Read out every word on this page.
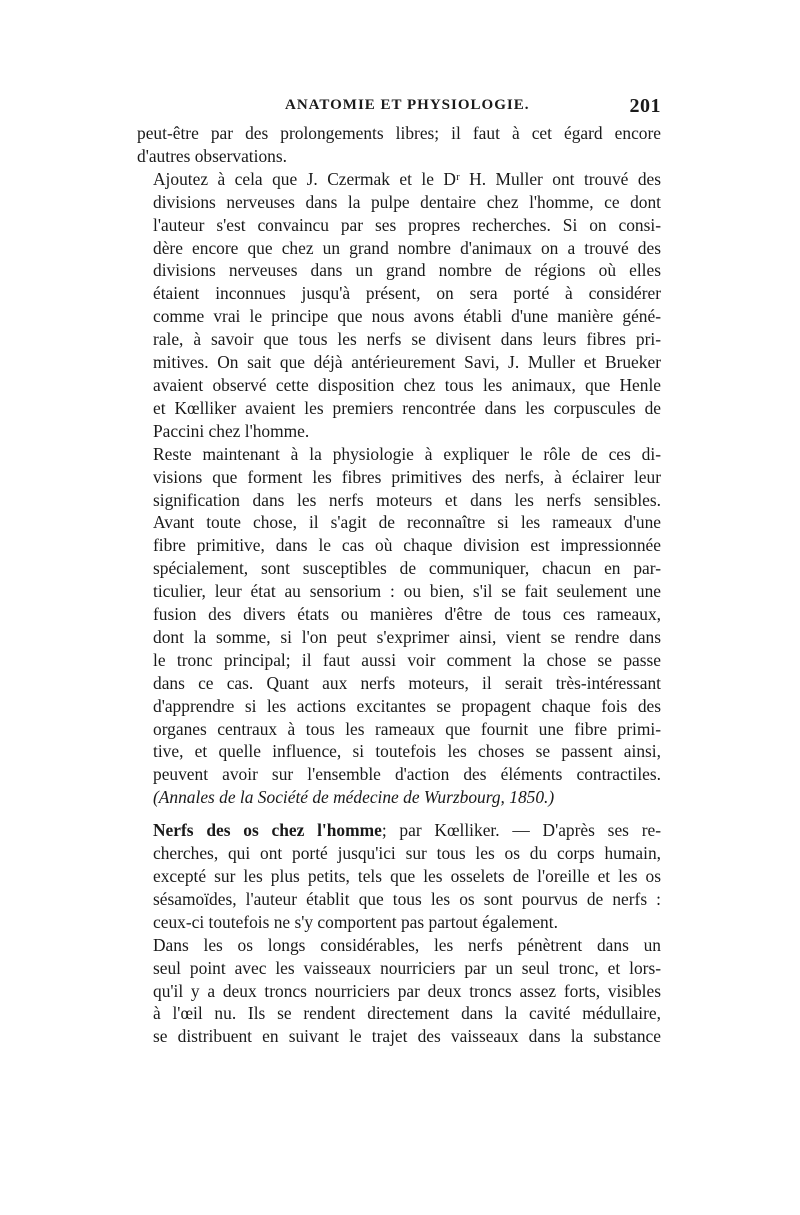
ANATOMIE ET PHYSIOLOGIE.	201

peut-être par des prolongements libres; il faut à cet égard encore
d'autres observations.

Ajoutez à cela que J. Czermak et le Dʳ H. Muller ont trouvé des
divisions nerveuses dans la pulpe dentaire chez l'homme, ce dont
l'auteur s'est convaincu par ses propres recherches. Si on consi-
dère encore que chez un grand nombre d'animaux on a trouvé des
divisions nerveuses dans un grand nombre de régions où elles
étaient inconnues jusqu'à présent, on sera porté à considérer
comme vrai le principe que nous avons établi d'une manière géné-
rale, à savoir que tous les nerfs se divisent dans leurs fibres pri-
mitives. On sait que déjà antérieurement Savi, J. Muller et Brueker
avaient observé cette disposition chez tous les animaux, que Henle
et Kœlliker avaient les premiers rencontrée dans les corpuscules de
Paccini chez l'homme.

Reste maintenant à la physiologie à expliquer le rôle de ces di-
visions que forment les fibres primitives des nerfs, à éclairer leur
signification dans les nerfs moteurs et dans les nerfs sensibles.
Avant toute chose, il s'agit de reconnaître si les rameaux d'une
fibre primitive, dans le cas où chaque division est impressionnée
spécialement, sont susceptibles de communiquer, chacun en par-
ticulier, leur état au sensorium : ou bien, s'il se fait seulement une
fusion des divers états ou manières d'être de tous ces rameaux,
dont la somme, si l'on peut s'exprimer ainsi, vient se rendre dans
le tronc principal; il faut aussi voir comment la chose se passe
dans ce cas. Quant aux nerfs moteurs, il serait très-intéressant
d'apprendre si les actions excitantes se propagent chaque fois des
organes centraux à tous les rameaux que fournit une fibre primi-
tive, et quelle influence, si toutefois les choses se passent ainsi,
peuvent avoir sur l'ensemble d'action des éléments contractiles.
(Annales de la Société de médecine de Wurzbourg, 1850.)

Nerfs des os chez l'homme; par Kœlliker. — D'après ses re-
cherches, qui ont porté jusqu'ici sur tous les os du corps humain,
excepté sur les plus petits, tels que les osselets de l'oreille et les os
sésamoïdes, l'auteur établit que tous les os sont pourvus de nerfs :
ceux-ci toutefois ne s'y comportent pas partout également.

Dans les os longs considérables, les nerfs pénètrent dans un
seul point avec les vaisseaux nourriciers par un seul tronc, et lors-
qu'il y a deux troncs nourriciers par deux troncs assez forts, visibles
à l'œil nu. Ils se rendent directement dans la cavité médullaire,
se distribuent en suivant le trajet des vaisseaux dans la substance
